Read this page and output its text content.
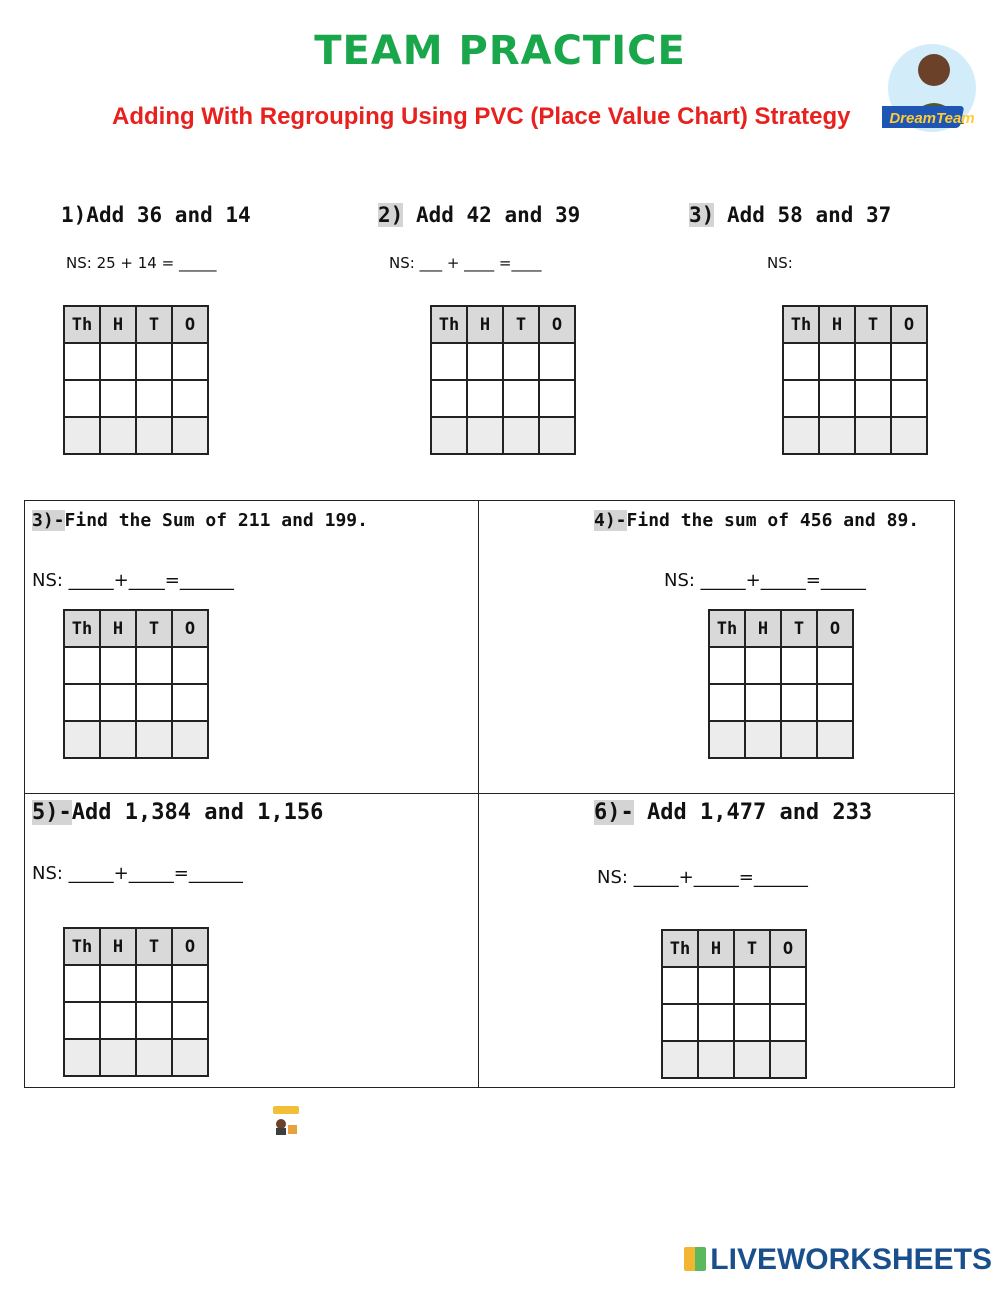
TEAM PRACTICE
Adding With Regrouping Using PVC (Place Value Chart) Strategy	DreamTeam
1)Add 36 and 14
NS: 25 + 14 = _____
2) Add 42 and 39
NS: ___ + ____ =____
3) Add 58 and 37
NS:
Th	H	T	O

				Th	H	T	O

				Th	H	T	O

3)-Find the Sum of 211 and 199.
NS: _____+____=______
Th	H	T	O

4)-Find the sum of 456 and 89.
NS: _____+_____=_____
Th	H	T	O

5)-Add 1,384 and 1,156
NS: _____+_____=______
Th	H	T	O

6)- Add 1,477 and 233
NS: _____+_____=______
Th	H	T	O

LIVEWORKSHEETS
